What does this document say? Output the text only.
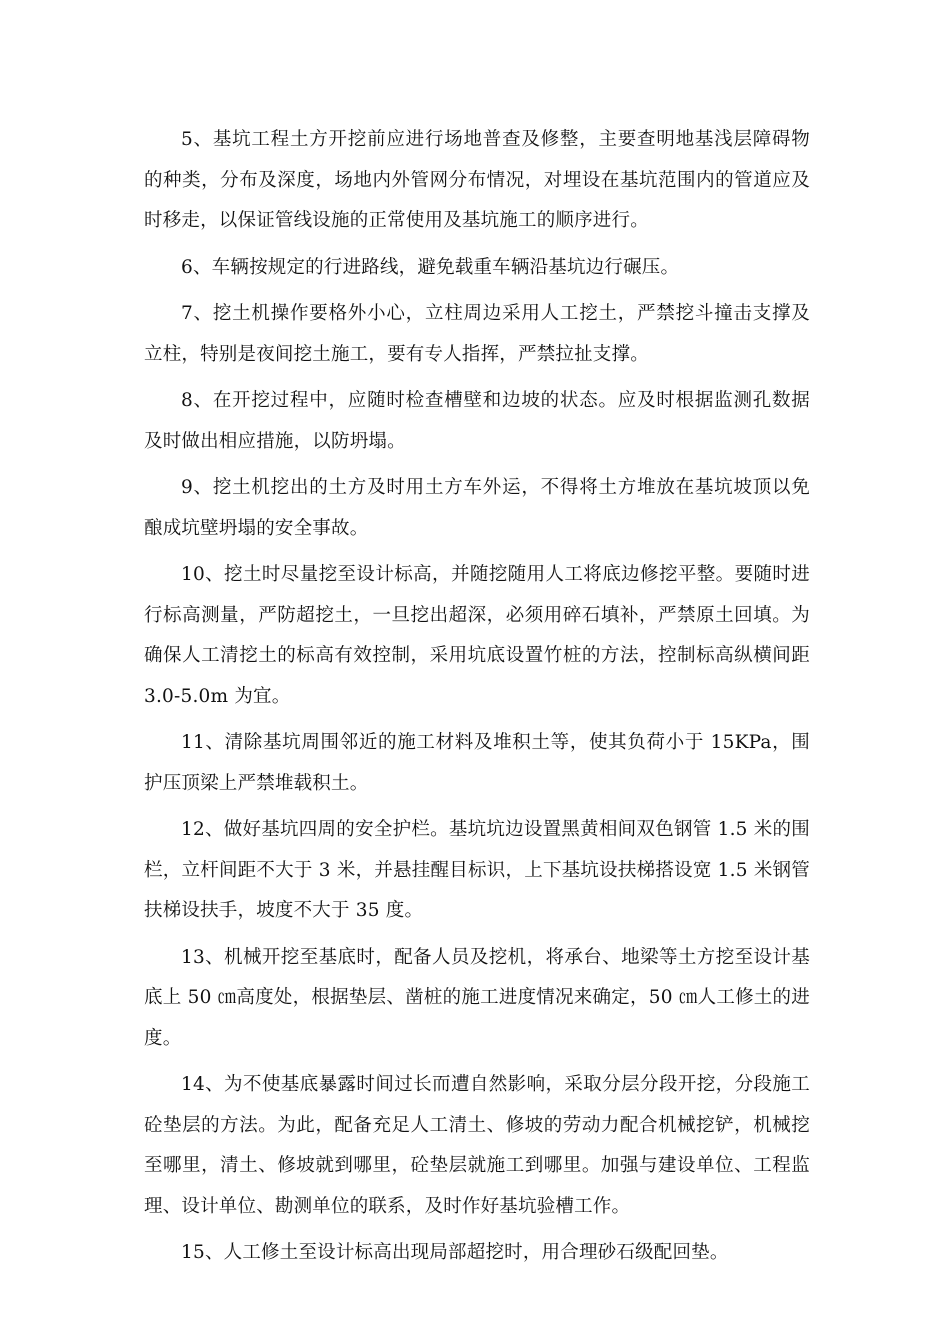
5、基坑工程土方开挖前应进行场地普查及修整，主要查明地基浅层障碍物的种类，分布及深度，场地内外管网分布情况，对埋设在基坑范围内的管道应及时移走，以保证管线设施的正常使用及基坑施工的顺序进行。

6、车辆按规定的行进路线，避免载重车辆沿基坑边行碾压。

7、挖土机操作要格外小心，立柱周边采用人工挖土，严禁挖斗撞击支撑及立柱，特别是夜间挖土施工，要有专人指挥，严禁拉扯支撑。

8、在开挖过程中，应随时检查槽壁和边坡的状态。应及时根据监测孔数据及时做出相应措施，以防坍塌。

9、挖土机挖出的土方及时用土方车外运，不得将土方堆放在基坑坡顶以免酿成坑壁坍塌的安全事故。

10、挖土时尽量挖至设计标高，并随挖随用人工将底边修挖平整。要随时进行标高测量，严防超挖土，一旦挖出超深，必须用碎石填补，严禁原土回填。为确保人工清挖土的标高有效控制，采用坑底设置竹桩的方法，控制标高纵横间距3.0-5.0m 为宜。

11、清除基坑周围邻近的施工材料及堆积土等，使其负荷小于 15KPa，围护压顶梁上严禁堆载积土。

12、做好基坑四周的安全护栏。基坑坑边设置黑黄相间双色钢管 1.5 米的围栏，立杆间距不大于 3 米，并悬挂醒目标识，上下基坑设扶梯搭设宽 1.5 米钢管扶梯设扶手，坡度不大于 35 度。

13、机械开挖至基底时，配备人员及挖机，将承台、地梁等土方挖至设计基底上 50 ㎝高度处，根据垫层、凿桩的施工进度情况来确定，50 ㎝人工修土的进度。

14、为不使基底暴露时间过长而遭自然影响，采取分层分段开挖，分段施工砼垫层的方法。为此，配备充足人工清土、修坡的劳动力配合机械挖铲，机械挖至哪里，清土、修坡就到哪里，砼垫层就施工到哪里。加强与建设单位、工程监理、设计单位、勘测单位的联系，及时作好基坑验槽工作。

15、人工修土至设计标高出现局部超挖时，用合理砂石级配回垫。
